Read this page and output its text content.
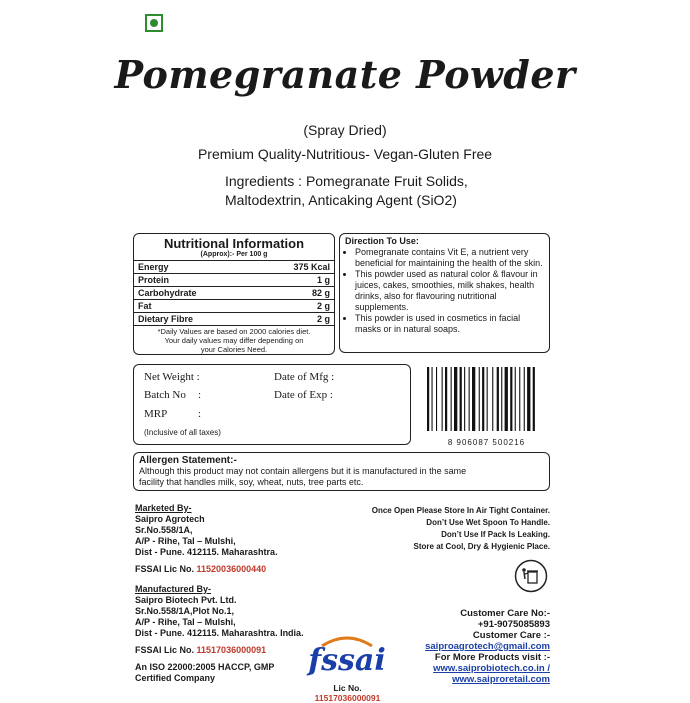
Pomegranate Powder
(Spray Dried)
Premium Quality-Nutritious- Vegan-Gluten Free
Ingredients : Pomegranate Fruit Solids,
Maltodextrin, Anticaking Agent (SiO2)
Nutritional Information
(Approx):- Per 100 g
Energy	375 Kcal
Protein	1 g
Carbohydrate	82 g
Fat	2 g
Dietary Fibre	2 g
*Daily Values are based on 2000 calories diet.
Your daily values may differ depending on
your Calories Need.
Direction To Use:
• Pomegranate contains Vit E, a nutrient very beneficial for maintaining the health of the skin.
• This powder used as natural color & flavour in juices, cakes, smoothies, milk shakes, health drinks, also for flavouring nutritional supplements.
• This powder is used in cosmetics in facial masks or in natural soaps.
Net Weight :
Batch No :
MRP	:
(Inclusive of all taxes)
Date of Mfg :
Date of Exp :
8 906087 500216
Allergen Statement:-
Although this product may not contain allergens but it is manufactured in the same
facility that handles milk, soy, wheat, nuts, tree parts etc.
Marketed By-
Saipro Agrotech
Sr.No.558/1A,
A/P - Rihe, Tal – Mulshi,
Dist - Pune. 412115. Maharashtra.
FSSAI Lic No. 11520036000440
Once Open Please Store In Air Tight Container.
Don’t Use Wet Spoon To Handle.
Don’t Use If Pack Is Leaking.
Store at Cool, Dry & Hygienic Place.
Manufactured By-
Saipro Biotech Pvt. Ltd.
Sr.No.558/1A,Plot No.1,
A/P - Rihe, Tal – Mulshi,
Dist - Pune. 412115. Maharashtra. India.
FSSAI Lic No. 11517036000091
An ISO 22000:2005 HACCP, GMP
Certified Company	fssai
Lic No. 11517036000091
Customer Care No:-
+91-9075085893
Customer Care :-
saiproagrotech@gmail.com
For More Products visit :-
www.saiprobiotech.co.in /
www.saiproretail.com
